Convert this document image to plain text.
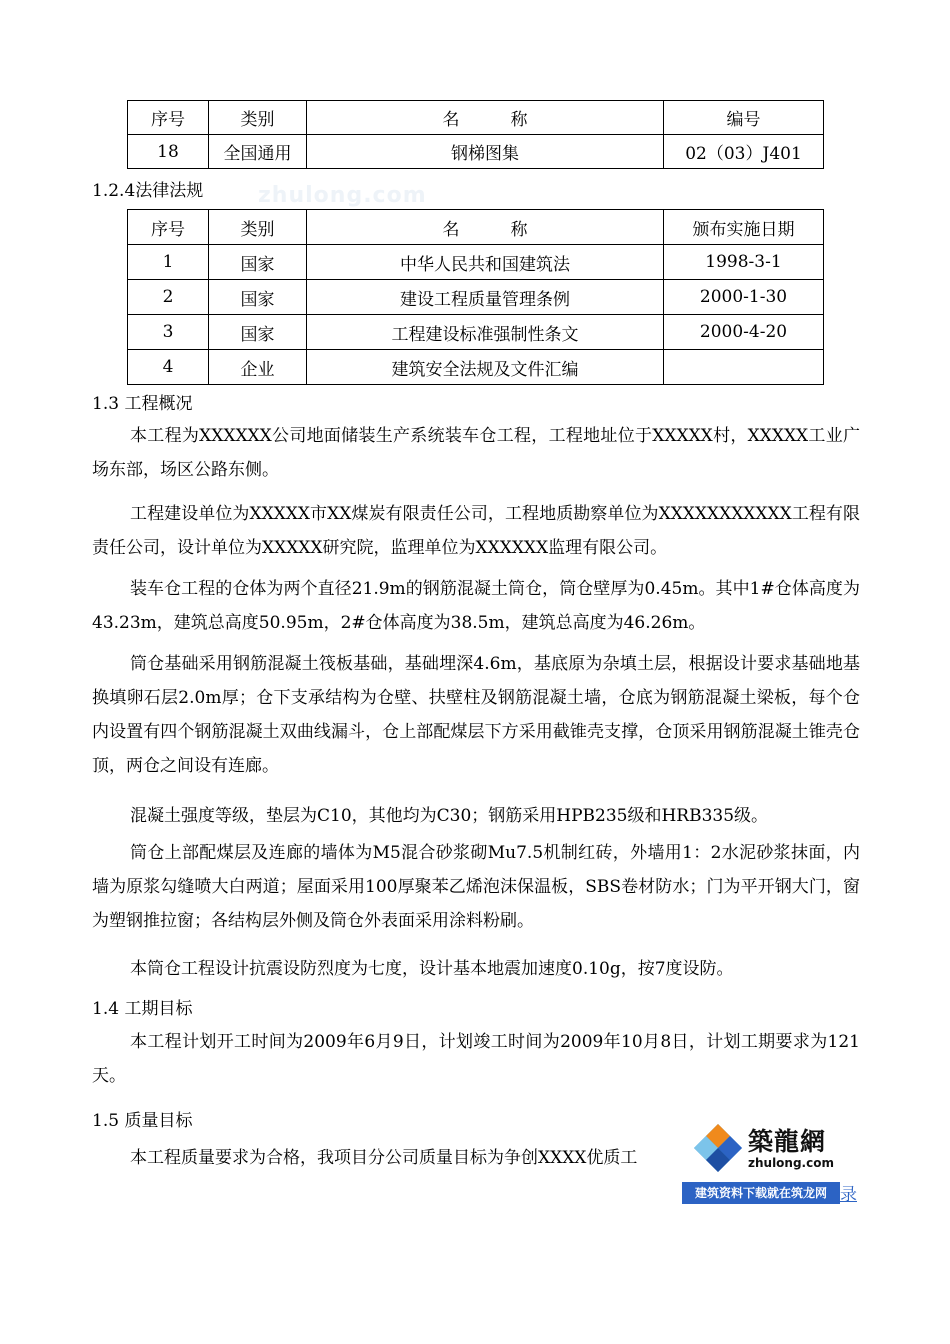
zhulong.com
序号	类别	名　　　称	编号
18	全国通用	钢梯图集	02（03）J401
1.2.4法律法规
序号	类别	名　　　称	颁布实施日期
1	国家	中华人民共和国建筑法	1998-3-1
2	国家	建设工程质量管理条例	2000-1-30
3	国家	工程建设标准强制性条文	2000-4-20
4	企业	建筑安全法规及文件汇编	
1.3 工程概况
本工程为XXXXXX公司地面储装生产系统装车仓工程，工程地址位于XXXXX村，XXXXX工业广场东部，场区公路东侧。
工程建设单位为XXXXX市XX煤炭有限责任公司，工程地质勘察单位为XXXXXXXXXXX工程有限责任公司，设计单位为XXXXX研究院，监理单位为XXXXXX监理有限公司。
装车仓工程的仓体为两个直径21.9m的钢筋混凝土筒仓，筒仓壁厚为0.45m。其中1#仓体高度为43.23m，建筑总高度50.95m，2#仓体高度为38.5m，建筑总高度为46.26m。
筒仓基础采用钢筋混凝土筏板基础，基础埋深4.6m，基底原为杂填土层，根据设计要求基础地基换填卵石层2.0m厚；仓下支承结构为仓壁、扶壁柱及钢筋混凝土墙，仓底为钢筋混凝土梁板，每个仓内设置有四个钢筋混凝土双曲线漏斗，仓上部配煤层下方采用截锥壳支撑，仓顶采用钢筋混凝土锥壳仓顶，两仓之间设有连廊。
混凝土强度等级，垫层为C10，其他均为C30；钢筋采用HPB235级和HRB335级。
筒仓上部配煤层及连廊的墙体为M5混合砂浆砌Mu7.5机制红砖，外墙用1：2水泥砂浆抹面，内墙为原浆勾缝喷大白两道；屋面采用100厚聚苯乙烯泡沫保温板，SBS卷材防水；门为平开钢大门，窗为塑钢推拉窗；各结构层外侧及筒仓外表面采用涂料粉刷。
本筒仓工程设计抗震设防烈度为七度，设计基本地震加速度0.10g，按7度设防。
1.4 工期目标
本工程计划开工时间为2009年6月9日，计划竣工时间为2009年10月8日，计划工期要求为121天。
1.5 质量目标
本工程质量要求为合格，我项目分公司质量目标为争创XXXX优质工
築龍網
zhulong.com
建筑资料下载就在筑龙网 录
